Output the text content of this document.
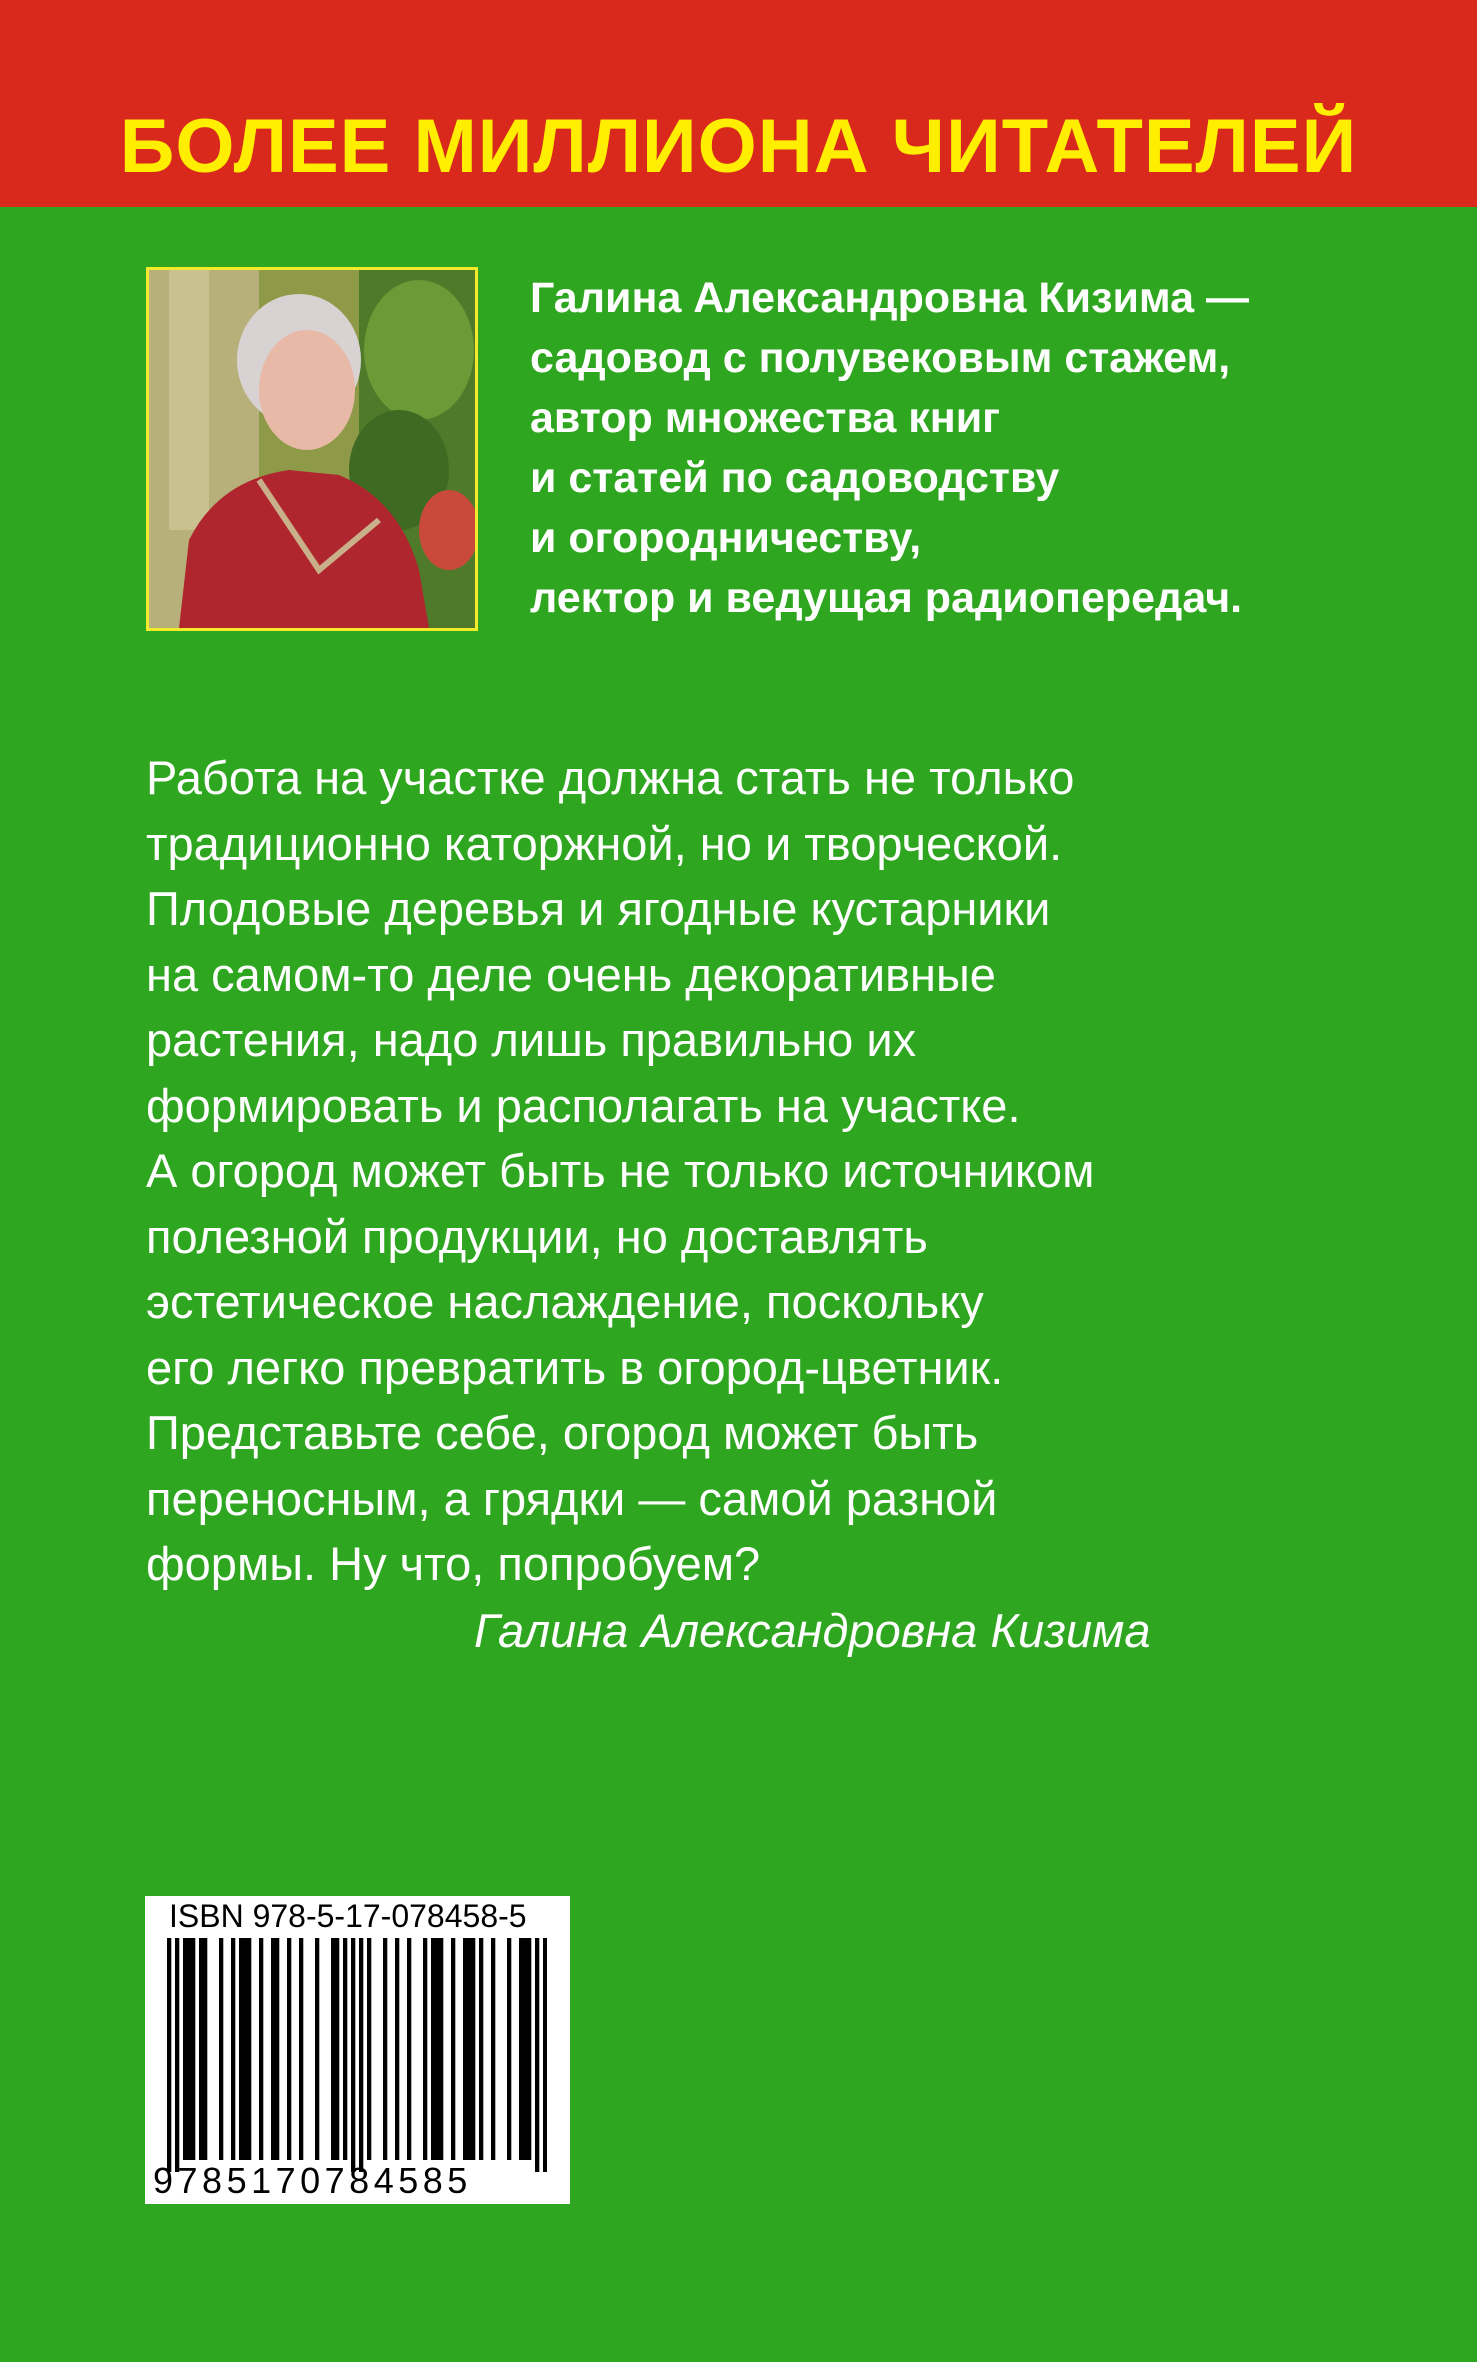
БОЛЕЕ МИЛЛИОНА ЧИТАТЕЛЕЙ
Галина Александровна Кизима —
садовод с полувековым стажем,
автор множества книг
и статей по садоводству
и огородничеству,
лектор и ведущая радиопередач.
Работа на участке должна стать не только
традиционно каторжной, но и творческой.
Плодовые деревья и ягодные кустарники
на самом-то деле очень декоративные
растения, надо лишь правильно их
формировать и располагать на участке.
А огород может быть не только источником
полезной продукции, но доставлять
эстетическое наслаждение, поскольку
его легко превратить в огород-цветник.
Представьте себе, огород может быть
переносным, а грядки — самой разной
формы. Ну что, попробуем?
Галина Александровна Кизима
ISBN 978-5-17-078458-5
9785170784585
